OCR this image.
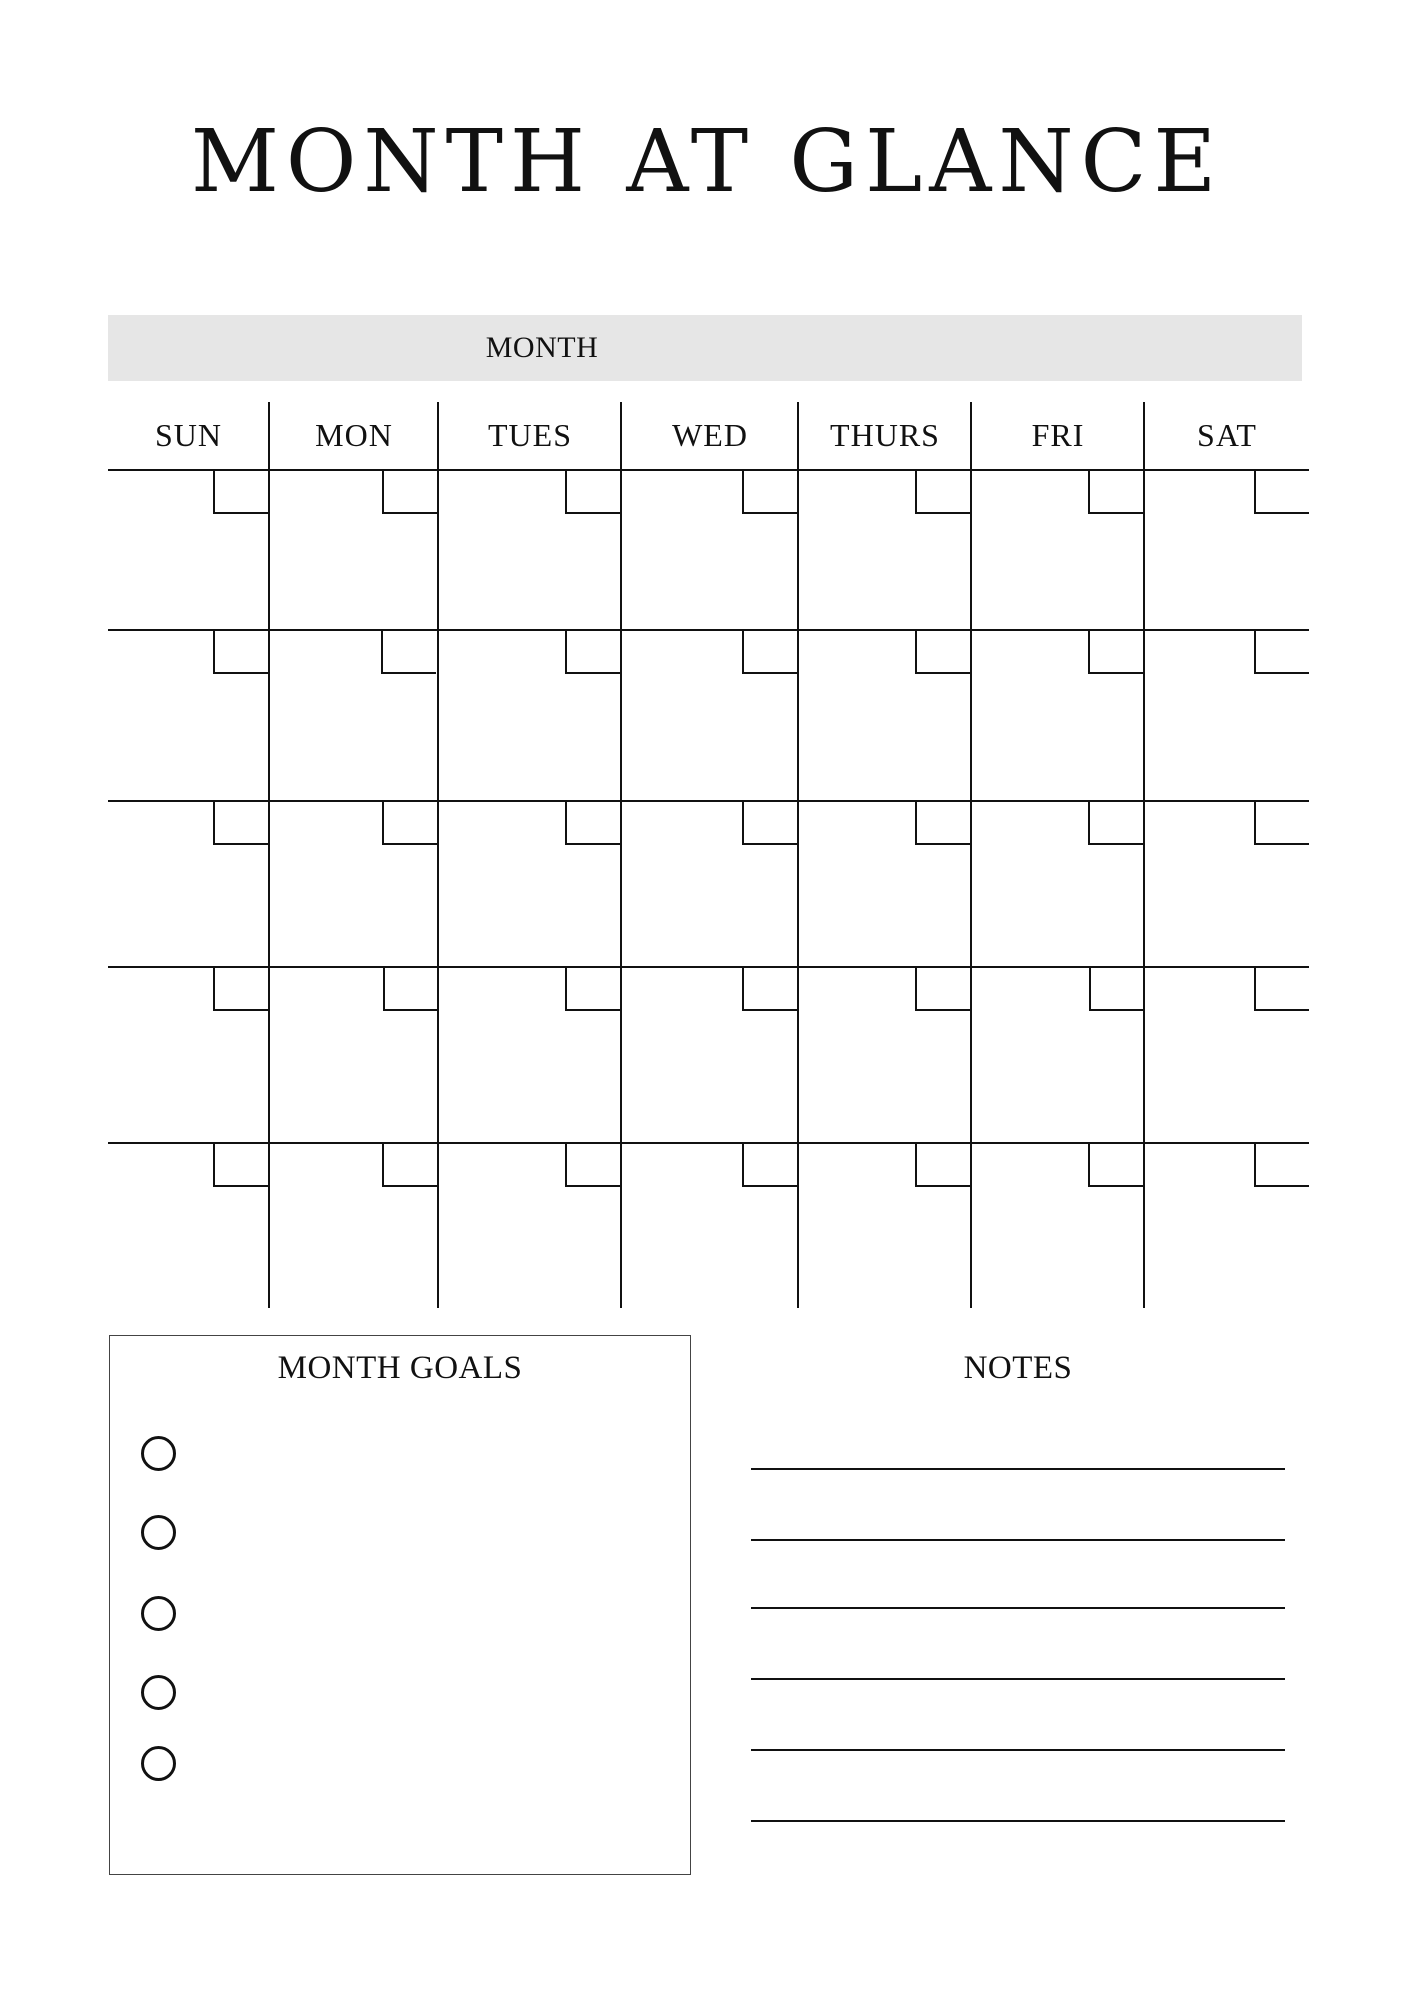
MONTH AT GLANCE
MONTH
SUN	MON	TUES	WED	THURS	FRI	SAT
MONTH GOALS	NOTES
